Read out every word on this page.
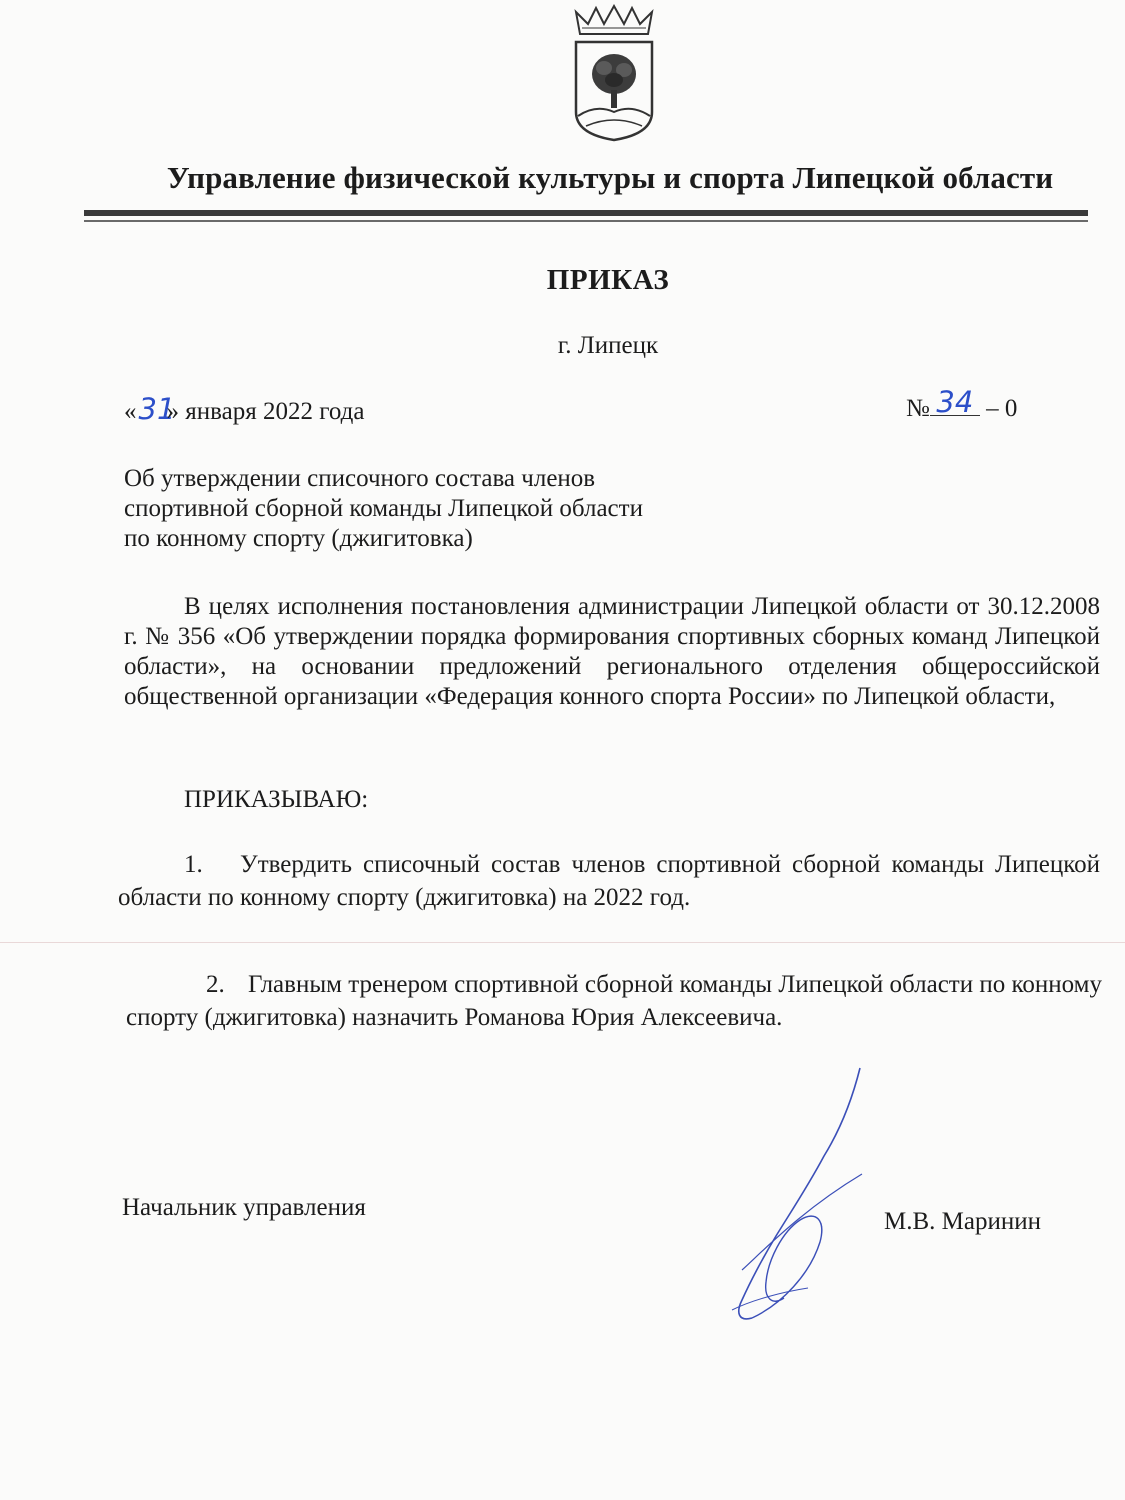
Управление физической культуры и спорта Липецкой области
ПРИКАЗ
г. Липецк
«31» января 2022 года	№ 34 – 0
Об утверждении списочного состава членов
спортивной сборной команды Липецкой области
по конному спорту (джигитовка)
В целях исполнения постановления администрации Липецкой области от 30.12.2008 г. № 356 «Об утверждении порядка формирования спортивных сборных команд Липецкой области», на основании предложений регионального отделения общероссийской общественной организации «Федерация конного спорта России» по Липецкой области,
ПРИКАЗЫВАЮ:
1. Утвердить списочный состав членов спортивной сборной команды Липецкой области по конному спорту (джигитовка) на 2022 год.
2. Главным тренером спортивной сборной команды Липецкой области по конному спорту (джигитовка) назначить Романова Юрия Алексеевича.
Начальник управления
М.В. Маринин
